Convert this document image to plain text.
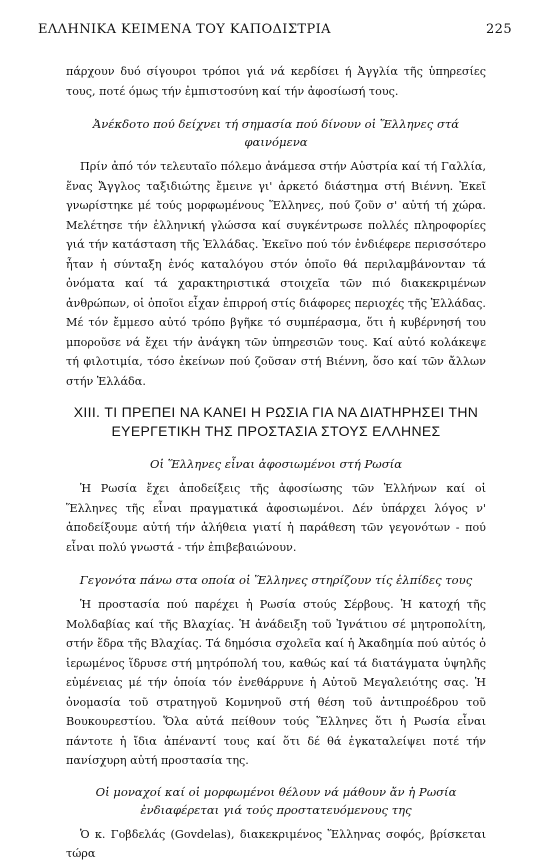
ΕΛΛΗΝΙΚΑ ΚΕΙΜΕΝΑ ΤΟΥ ΚΑΠΟΔΙΣΤΡΙΑ	225

πάρχουν δυό σίγουροι τρόποι γιά νά κερδίσει ή Ἀγγλία τῆς ὑπηρεσίες τους, ποτέ όμως τήν ἐμπιστοσύνη καί τήν ἀφοσίωσή τους.

Ἀνέκδοτο πού δείχνει τή σημασία πού δίνουν οἱ Ἕλληνες στά φαινόμενα

Πρίν ἀπό τόν τελευταῖο πόλεμο ἀνάμεσα στήν Αὐστρία καί τή Γαλλία, ἕνας Ἄγγλος ταξιδιώτης ἔμεινε γι' ἀρκετό διάστημα στή Βιέννη. Ἐκεῖ γνωρίστηκε μέ τούς μορφωμένους Ἕλληνες, πού ζοῦν σ' αὐτή τή χώρα. Μελέτησε τήν ἑλληνική γλώσσα καί συγκέντρωσε πολλές πληροφορίες γιά τήν κατάσταση τῆς Ἑλλάδας. Ἐκεῖνο πού τόν ἐνδιέφερε περισσότερο ἦταν ἡ σύνταξη ἑνός καταλόγου στόν ὁποῖο θά περιλαμβάνονταν τά ὀνόματα καί τά χαρακτηριστικά στοιχεῖα τῶν πιό διακεκριμένων ἀνθρώπων, οἱ ὁποῖοι εἶχαν ἐπιρροή στίς διάφορες περιοχές τῆς Ἑλλάδας. Μέ τόν ἔμμεσο αὐτό τρόπο βγῆκε τό συμπέρασμα, ὅτι ἡ κυβέρνησή του μποροῦσε νά ἔχει τήν ἀνάγκη τῶν ὑπηρεσιῶν τους. Καί αὐτό κολάκεψε τή φιλοτιμία, τόσο ἐκείνων πού ζοῦσαν στή Βιέννη, ὅσο καί τῶν ἄλλων στήν Ἑλλάδα.

XIII. ΤΙ ΠΡΕΠΕΙ ΝΑ ΚΑΝΕΙ Η ΡΩΣΙΑ ΓΙΑ ΝΑ ΔΙΑΤΗΡΗΣΕΙ ΤΗΝ
ΕΥΕΡΓΕΤΙΚΗ ΤΗΣ ΠΡΟΣΤΑΣΙΑ ΣΤΟΥΣ ΕΛΛΗΝΕΣ
Οἱ Ἕλληνες εἶναι ἀφοσιωμένοι στή Ρωσία

Ἡ Ρωσία ἔχει ἀποδείξεις τῆς ἀφοσίωσης τῶν Ἑλλήνων καί οἱ Ἕλληνες τῆς εἶναι πραγματικά ἀφοσιωμένοι. Δέν ὑπάρχει λόγος ν' ἀποδείξουμε αὐτή τήν ἀλήθεια γιατί ἡ παράθεση τῶν γεγονότων - πού εἶναι πολύ γνωστά - τήν ἐπιβεβαιώνουν.

Γεγονότα πάνω στα οποία οἱ Ἕλληνες στηρίζουν τίς ἐλπίδες τους

Ἡ προστασία πού παρέχει ἡ Ρωσία στούς Σέρβους. Ἡ κατοχή τῆς Μολδαβίας καί τῆς Βλαχίας. Ἡ ἀνάδειξη τοῦ Ἰγνάτιου σέ μητροπολίτη, στήν ἕδρα τῆς Βλαχίας. Τά δημόσια σχολεῖα καί ἡ Ἀκαδημία πού αὐτός ὁ ἱερωμένος ἵδρυσε στή μητρόπολή του, καθώς καί τά διατάγματα ὑψηλῆς εὐμένειας μέ τήν ὁποία τόν ἐνεθάρρυνε ἡ Αὐτοῦ Μεγαλειότης σας. Ἡ ὀνομασία τοῦ στρατηγοῦ Κομνηνοῦ στή θέση τοῦ ἀντιπροέδρου τοῦ Βουκουρεστίου. Ὅλα αὐτά πείθουν τούς Ἕλληνες ὅτι ἡ Ρωσία εἶναι πάντοτε ἡ ἴδια ἀπέναντί τους καί ὅτι δέ θά ἐγκαταλείψει ποτέ τήν πανίσχυρη αὐτή προστασία της.

Οἱ μοναχοί καί οἱ μορφωμένοι θέλουν νά μάθουν ἄν ἡ Ρωσία ἐνδιαφέρεται γιά τούς προστατευόμενους της

Ὁ κ. Γοβδελάς (Govdelas), διακεκριμένος Ἕλληνας σοφός, βρίσκεται τώρα
